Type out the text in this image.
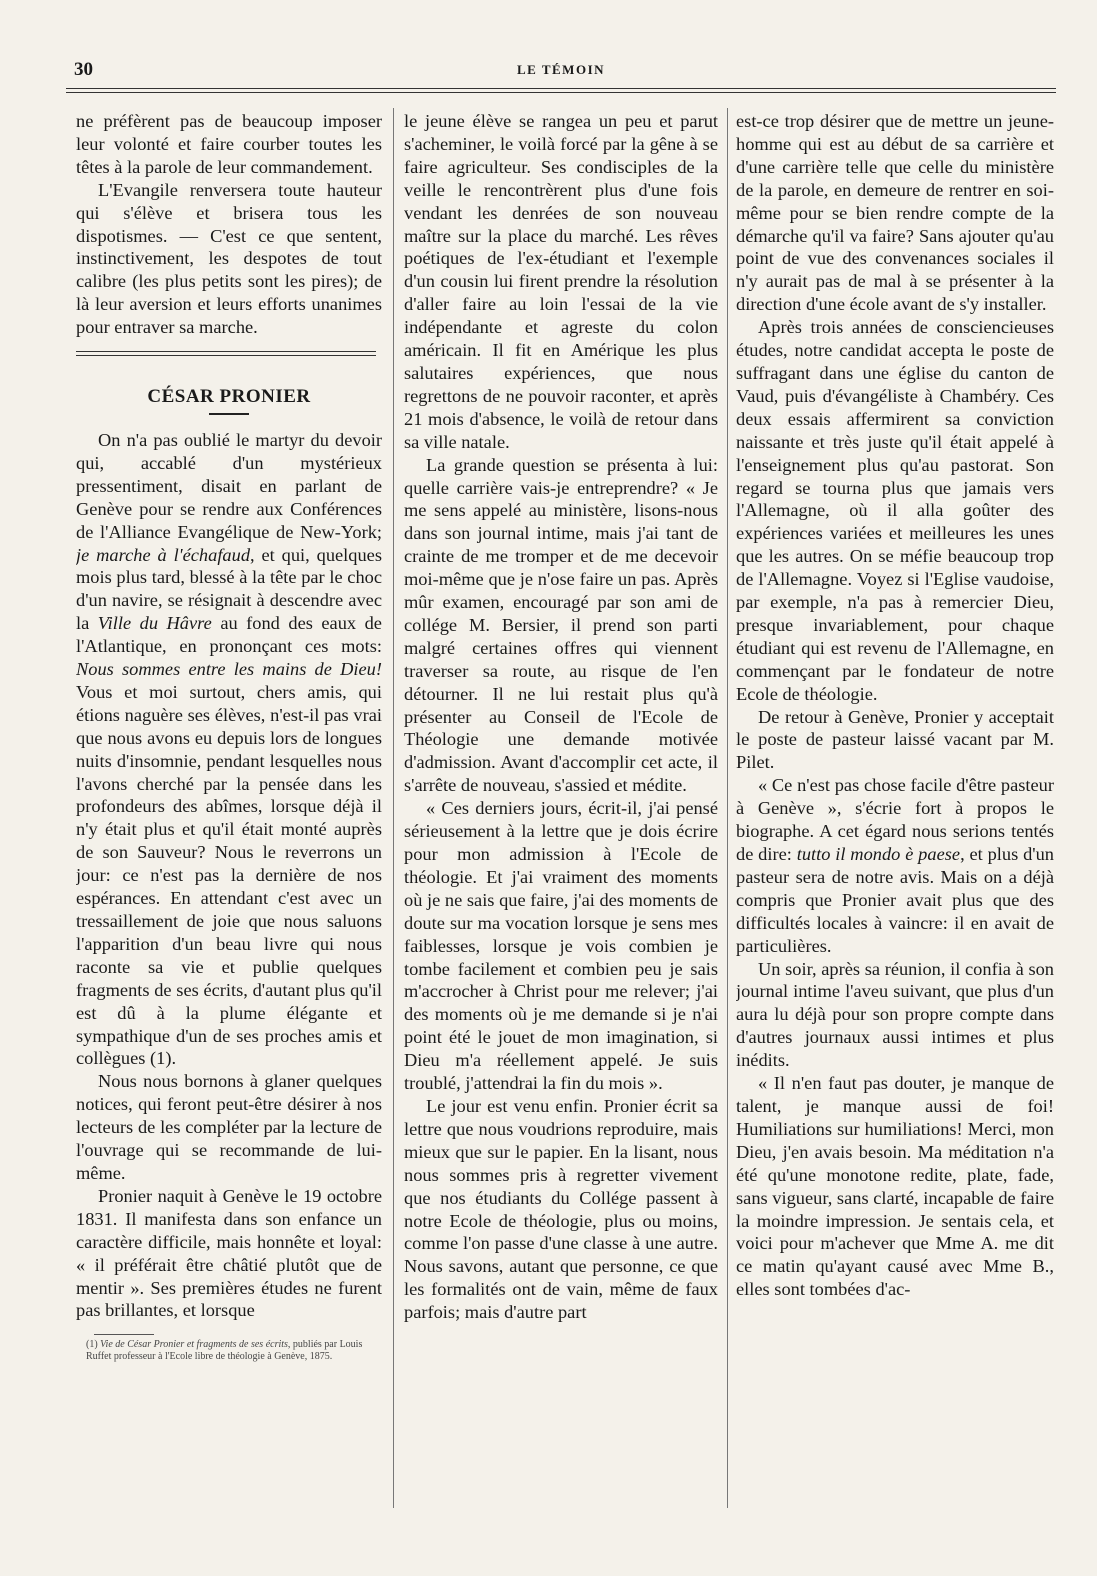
30	LE TÉMOIN

ne préfèrent pas de beaucoup imposer leur volonté et faire courber toutes les têtes à la parole de leur commandement.

L'Evangile renversera toute hauteur qui s'élève et brisera tous les dispotismes. — C'est ce que sentent, instinctivement, les despotes de tout calibre (les plus petits sont les pires); de là leur aversion et leurs efforts unanimes pour entraver sa marche.

CÉSAR PRONIER

On n'a pas oublié le martyr du devoir qui, accablé d'un mystérieux pressentiment, disait en parlant de Genève pour se rendre aux Conférences de l'Alliance Evangélique de New-York; je marche à l'échafaud, et qui, quelques mois plus tard, blessé à la tête par le choc d'un navire, se résignait à descendre avec la Ville du Hâvre au fond des eaux de l'Atlantique, en prononçant ces mots: Nous sommes entre les mains de Dieu! Vous et moi surtout, chers amis, qui étions naguère ses élèves, n'est-il pas vrai que nous avons eu depuis lors de longues nuits d'insomnie, pendant lesquelles nous l'avons cherché par la pensée dans les profondeurs des abîmes, lorsque déjà il n'y était plus et qu'il était monté auprès de son Sauveur? Nous le reverrons un jour: ce n'est pas la dernière de nos espérances. En attendant c'est avec un tressaillement de joie que nous saluons l'apparition d'un beau livre qui nous raconte sa vie et publie quelques fragments de ses écrits, d'autant plus qu'il est dû à la plume élégante et sympathique d'un de ses proches amis et collègues (1).

Nous nous bornons à glaner quelques notices, qui feront peut-être désirer à nos lecteurs de les compléter par la lecture de l'ouvrage qui se recommande de lui-même.

Pronier naquit à Genève le 19 octobre 1831. Il manifesta dans son enfance un caractère difficile, mais honnête et loyal: « il préférait être châtié plutôt que de mentir ». Ses premières études ne furent pas brillantes, et lorsque

(1) Vie de César Pronier et fragments de ses écrits, publiés par Louis Ruffet professeur à l'Ecole libre de théologie à Genève, 1875.

le jeune élève se rangea un peu et parut s'acheminer, le voilà forcé par la gêne à se faire agriculteur. Ses condisciples de la veille le rencontrèrent plus d'une fois vendant les denrées de son nouveau maître sur la place du marché. Les rêves poétiques de l'ex-étudiant et l'exemple d'un cousin lui firent prendre la résolution d'aller faire au loin l'essai de la vie indépendante et agreste du colon américain. Il fit en Amérique les plus salutaires expériences, que nous regrettons de ne pouvoir raconter, et après 21 mois d'absence, le voilà de retour dans sa ville natale.

La grande question se présenta à lui: quelle carrière vais-je entreprendre? « Je me sens appelé au ministère, lisons-nous dans son journal intime, mais j'ai tant de crainte de me tromper et de me decevoir moi-même que je n'ose faire un pas. Après mûr examen, encouragé par son ami de collége M. Bersier, il prend son parti malgré certaines offres qui viennent traverser sa route, au risque de l'en détourner. Il ne lui restait plus qu'à présenter au Conseil de l'Ecole de Théologie une demande motivée d'admission. Avant d'accomplir cet acte, il s'arrête de nouveau, s'assied et médite.

« Ces derniers jours, écrit-il, j'ai pensé sérieusement à la lettre que je dois écrire pour mon admission à l'Ecole de théologie. Et j'ai vraiment des moments où je ne sais que faire, j'ai des moments de doute sur ma vocation lorsque je sens mes faiblesses, lorsque je vois combien je tombe facilement et combien peu je sais m'accrocher à Christ pour me relever; j'ai des moments où je me demande si je n'ai point été le jouet de mon imagination, si Dieu m'a réellement appelé. Je suis troublé, j'attendrai la fin du mois ».

Le jour est venu enfin. Pronier écrit sa lettre que nous voudrions reproduire, mais mieux que sur le papier. En la lisant, nous nous sommes pris à regretter vivement que nos étudiants du Collége passent à notre Ecole de théologie, plus ou moins, comme l'on passe d'une classe à une autre. Nous savons, autant que personne, ce que les formalités ont de vain, même de faux parfois; mais d'autre part

est-ce trop désirer que de mettre un jeune-homme qui est au début de sa carrière et d'une carrière telle que celle du ministère de la parole, en demeure de rentrer en soi-même pour se bien rendre compte de la démarche qu'il va faire? Sans ajouter qu'au point de vue des convenances sociales il n'y aurait pas de mal à se présenter à la direction d'une école avant de s'y installer.

Après trois années de consciencieuses études, notre candidat accepta le poste de suffragant dans une église du canton de Vaud, puis d'évangéliste à Chambéry. Ces deux essais affermirent sa conviction naissante et très juste qu'il était appelé à l'enseignement plus qu'au pastorat. Son regard se tourna plus que jamais vers l'Allemagne, où il alla goûter des expériences variées et meilleures les unes que les autres. On se méfie beaucoup trop de l'Allemagne. Voyez si l'Eglise vaudoise, par exemple, n'a pas à remercier Dieu, presque invariablement, pour chaque étudiant qui est revenu de l'Allemagne, en commençant par le fondateur de notre Ecole de théologie.

De retour à Genève, Pronier y acceptait le poste de pasteur laissé vacant par M. Pilet.

« Ce n'est pas chose facile d'être pasteur à Genève », s'écrie fort à propos le biographe. A cet égard nous serions tentés de dire: tutto il mondo è paese, et plus d'un pasteur sera de notre avis. Mais on a déjà compris que Pronier avait plus que des difficultés locales à vaincre: il en avait de particulières.

Un soir, après sa réunion, il confia à son journal intime l'aveu suivant, que plus d'un aura lu déjà pour son propre compte dans d'autres journaux aussi intimes et plus inédits.

« Il n'en faut pas douter, je manque de talent, je manque aussi de foi! Humiliations sur humiliations! Merci, mon Dieu, j'en avais besoin. Ma méditation n'a été qu'une monotone redite, plate, fade, sans vigueur, sans clarté, incapable de faire la moindre impression. Je sentais cela, et voici pour m'achever que Mme A. me dit ce matin qu'ayant causé avec Mme B., elles sont tombées d'ac-
